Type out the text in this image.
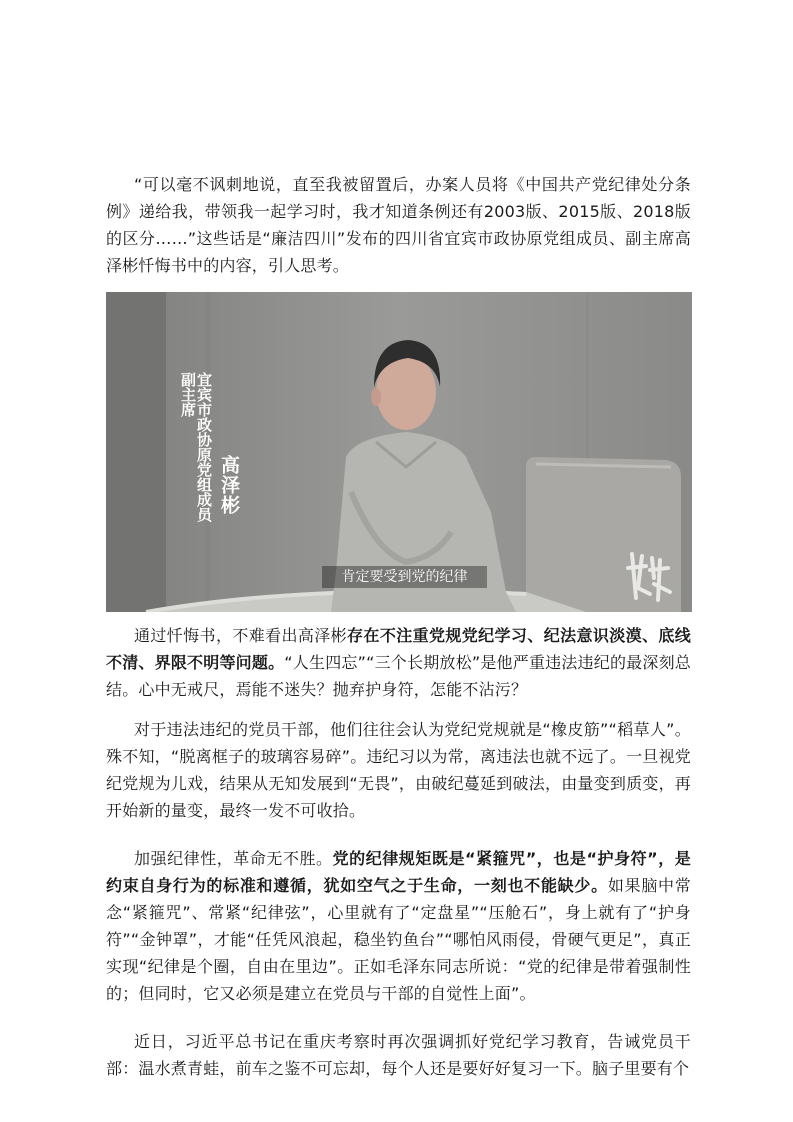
“可以毫不讽刺地说，直至我被留置后，办案人员将《中国共产党纪律处分条例》递给我，带领我一起学习时，我才知道条例还有2003版、2015版、2018版的区分……”这些话是“廉洁四川”发布的四川省宜宾市政协原党组成员、副主席高泽彬忏悔书中的内容，引人思考。

宜宾市政协原党组成员
副主席
高泽彬
肯定要受到党的纪律

通过忏悔书，不难看出高泽彬存在不注重党规党纪学习、纪法意识淡漠、底线不清、界限不明等问题。“人生四忘”“三个长期放松”是他严重违法违纪的最深刻总结。心中无戒尺，焉能不迷失？抛弃护身符，怎能不沾污？

对于违法违纪的党员干部，他们往往会认为党纪党规就是“橡皮筋”“稻草人”。殊不知，“脱离框子的玻璃容易碎”。违纪习以为常，离违法也就不远了。一旦视党纪党规为儿戏，结果从无知发展到“无畏”，由破纪蔓延到破法，由量变到质变，再开始新的量变，最终一发不可收拾。

加强纪律性，革命无不胜。党的纪律规矩既是“紧箍咒”，也是“护身符”，是约束自身行为的标准和遵循，犹如空气之于生命，一刻也不能缺少。如果脑中常念“紧箍咒”、常紧“纪律弦”，心里就有了“定盘星”“压舱石”，身上就有了“护身符”“金钟罩”，才能“任凭风浪起，稳坐钓鱼台”“哪怕风雨侵，骨硬气更足”，真正实现“纪律是个圈，自由在里边”。正如毛泽东同志所说：“党的纪律是带着强制性的；但同时，它又必须是建立在党员与干部的自觉性上面”。

近日，习近平总书记在重庆考察时再次强调抓好党纪学习教育，告诫党员干部：温水煮青蛙，前车之鉴不可忘却，每个人还是要好好复习一下。脑子里要有个
